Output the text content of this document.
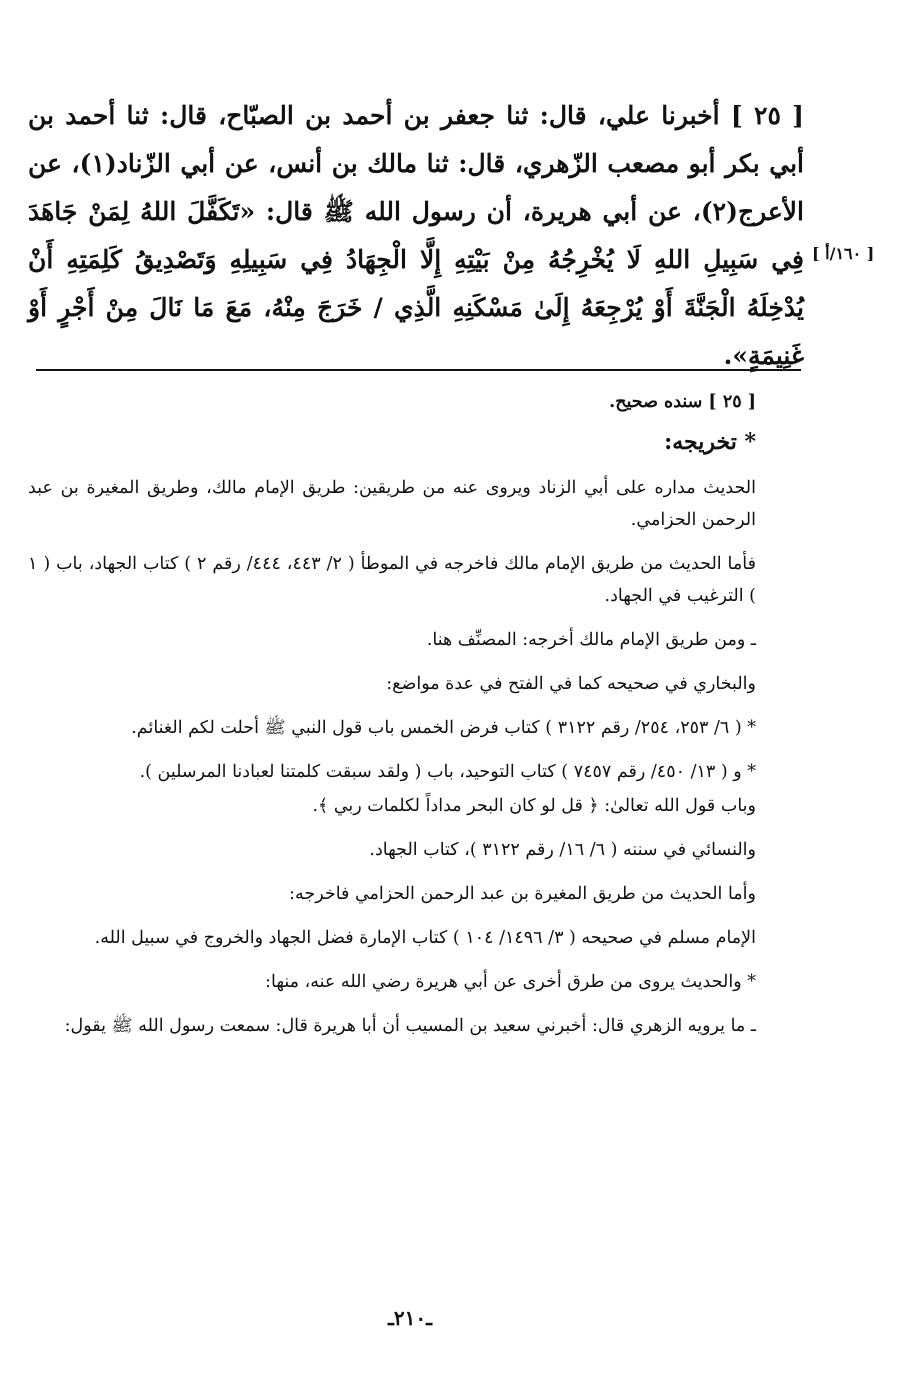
[ ٢٥ ] أخبرنا علي، قال: ثنا جعفر بن أحمد بن الصبّاح، قال: ثنا أحمد بن أبي بكر أبو مصعب الزّهري، قال: ثنا مالك بن أنس، عن أبي الزّناد(١)، عن الأعرج(٢)، عن أبي هريرة، أن رسول الله ﷺ قال: «تَكَفَّلَ اللهُ لِمَنْ جَاهَدَ فِي سَبِيلِ اللهِ لَا يُخْرِجُهُ مِنْ بَيْتِهِ إِلَّا الْجِهَادُ فِي سَبِيلِهِ وَتَصْدِيقُ كَلِمَتِهِ أَنْ يُدْخِلَهُ الْجَنَّةَ أَوْ يُرْجِعَهُ إِلَىٰ مَسْكَنِهِ الَّذِي / خَرَجَ مِنْهُ، مَعَ مَا نَالَ مِنْ أَجْرٍ أَوْ غَنِيمَةٍ».

[ ١٦٠/أ ]

[ ٢٥ ] سنده صحيح.

* تخريجه:

الحديث مداره على أبي الزناد ويروى عنه من طريقين: طريق الإمام مالك، وطريق المغيرة بن عبد الرحمن الحزامي.

فأما الحديث من طريق الإمام مالك فاخرجه في الموطأ ( ٢/ ٤٤٣، ٤٤٤/ رقم ٢ ) كتاب الجهاد، باب ( ١ ) الترغيب في الجهاد.

ـ ومن طريق الإمام مالك أخرجه: المصنِّف هنا.

والبخاري في صحيحه كما في الفتح في عدة مواضع:

* ( ٦/ ٢٥٣، ٢٥٤/ رقم ٣١٢٢ ) كتاب فرض الخمس باب قول النبي ﷺ أحلت لكم الغنائم.

* و ( ١٣/ ٤٥٠/ رقم ٧٤٥٧ ) كتاب التوحيد، باب ( ولقد سبقت كلمتنا لعبادنا المرسلين ).

وباب قول الله تعالىٰ: ﴿ قل لو كان البحر مداداً لكلمات ربي ﴾.

والنسائي في سننه ( ٦/ ١٦/ رقم ٣١٢٢ )، كتاب الجهاد.

وأما الحديث من طريق المغيرة بن عبد الرحمن الحزامي فاخرجه:

الإمام مسلم في صحيحه ( ٣/ ١٤٩٦/ ١٠٤ ) كتاب الإمارة فضل الجهاد والخروج في سبيل الله.

* والحديث يروى من طرق أخرى عن أبي هريرة رضي الله عنه، منها:

ـ ما يرويه الزهري قال: أخبرني سعيد بن المسيب أن أبا هريرة قال: سمعت رسول الله ﷺ يقول:

ـ٢١٠ـ
